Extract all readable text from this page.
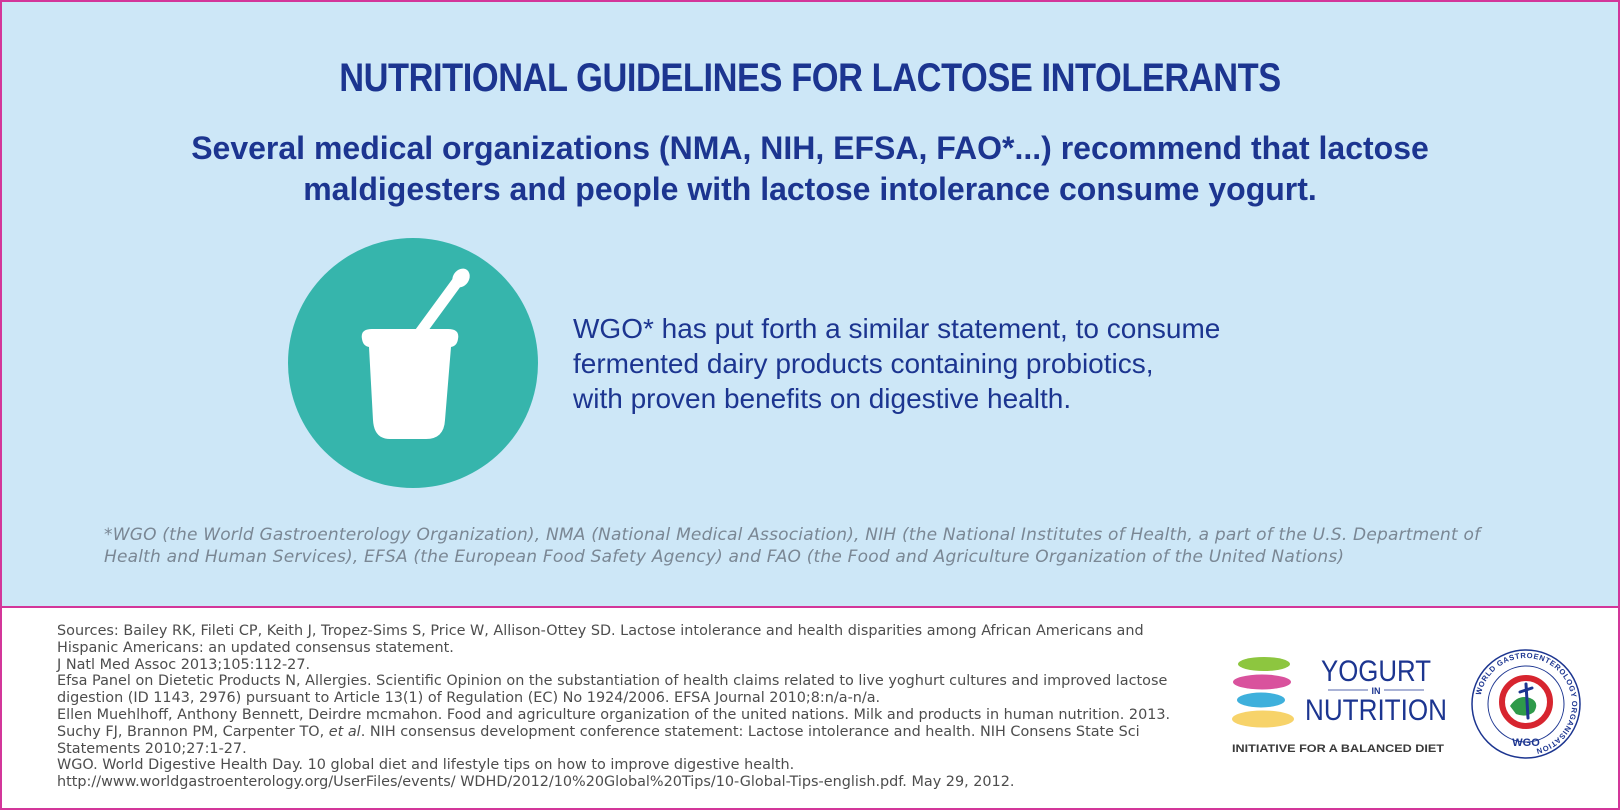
NUTRITIONAL GUIDELINES FOR LACTOSE INTOLERANTS
Several medical organizations (NMA, NIH, EFSA, FAO*...) recommend that lactose
maldigesters and people with lactose intolerance consume yogurt.
WGO* has put forth a similar statement, to consume
fermented dairy products containing probiotics,
with proven benefits on digestive health.
*WGO (the World Gastroenterology Organization), NMA (National Medical Association), NIH (the National Institutes of Health, a part of the U.S. Department of
Health and Human Services), EFSA (the European Food Safety Agency) and FAO (the Food and Agriculture Organization of the United Nations)
Sources: Bailey RK, Fileti CP, Keith J, Tropez-Sims S, Price W, Allison-Ottey SD. Lactose intolerance and health disparities among African Americans and
Hispanic Americans: an updated consensus statement.
J Natl Med Assoc 2013;105:112-27.
Efsa Panel on Dietetic Products N, Allergies. Scientific Opinion on the substantiation of health claims related to live yoghurt cultures and improved lactose
digestion (ID 1143, 2976) pursuant to Article 13(1) of Regulation (EC) No 1924/2006. EFSA Journal 2010;8:n/a-n/a.
Ellen Muehlhoff, Anthony Bennett, Deirdre mcmahon. Food and agriculture organization of the united nations. Milk and products in human nutrition. 2013.
Suchy FJ, Brannon PM, Carpenter TO, et al. NIH consensus development conference statement: Lactose intolerance and health. NIH Consens State Sci
Statements 2010;27:1-27.
WGO. World Digestive Health Day. 10 global diet and lifestyle tips on how to improve digestive health.
http://www.worldgastroenterology.org/UserFiles/events/ WDHD/2012/10%20Global%20Tips/10-Global-Tips-english.pdf. May 29, 2012.
YOGURT
IN
NUTRITION
INITIATIVE FOR A BALANCED DIET
WORLD GASTROENTEROLOGY ORGANISATION
WGO
